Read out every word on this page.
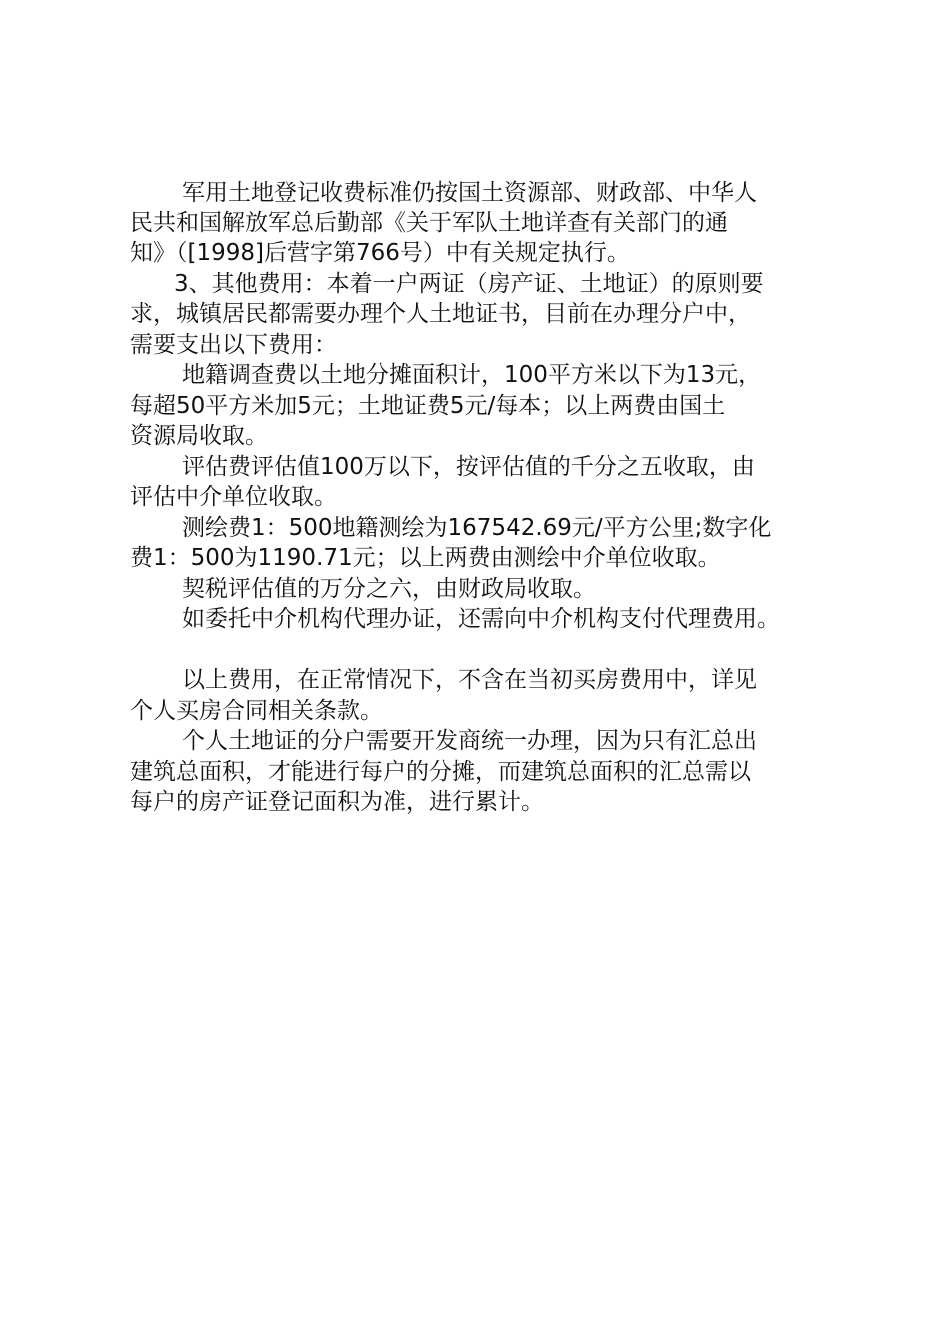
军用土地登记收费标准仍按国土资源部、财政部、中华人
民共和国解放军总后勤部《关于军队土地详查有关部门的通
知》（[1998]后营字第766号）中有关规定执行。
3、其他费用：本着一户两证（房产证、土地证）的原则要
求，城镇居民都需要办理个人土地证书，目前在办理分户中，
需要支出以下费用：
地籍调查费以土地分摊面积计，100平方米以下为13元，
每超50平方米加5元；土地证费5元/每本；以上两费由国土
资源局收取。
评估费评估值100万以下，按评估值的千分之五收取，由
评估中介单位收取。
测绘费1：500地籍测绘为167542.69元/平方公里;数字化
费1：500为1190.71元；以上两费由测绘中介单位收取。
契税评估值的万分之六，由财政局收取。
如委托中介机构代理办证，还需向中介机构支付代理费用。
以上费用，在正常情况下，不含在当初买房费用中，详见
个人买房合同相关条款。
个人土地证的分户需要开发商统一办理，因为只有汇总出
建筑总面积，才能进行每户的分摊，而建筑总面积的汇总需以
每户的房产证登记面积为准，进行累计。
